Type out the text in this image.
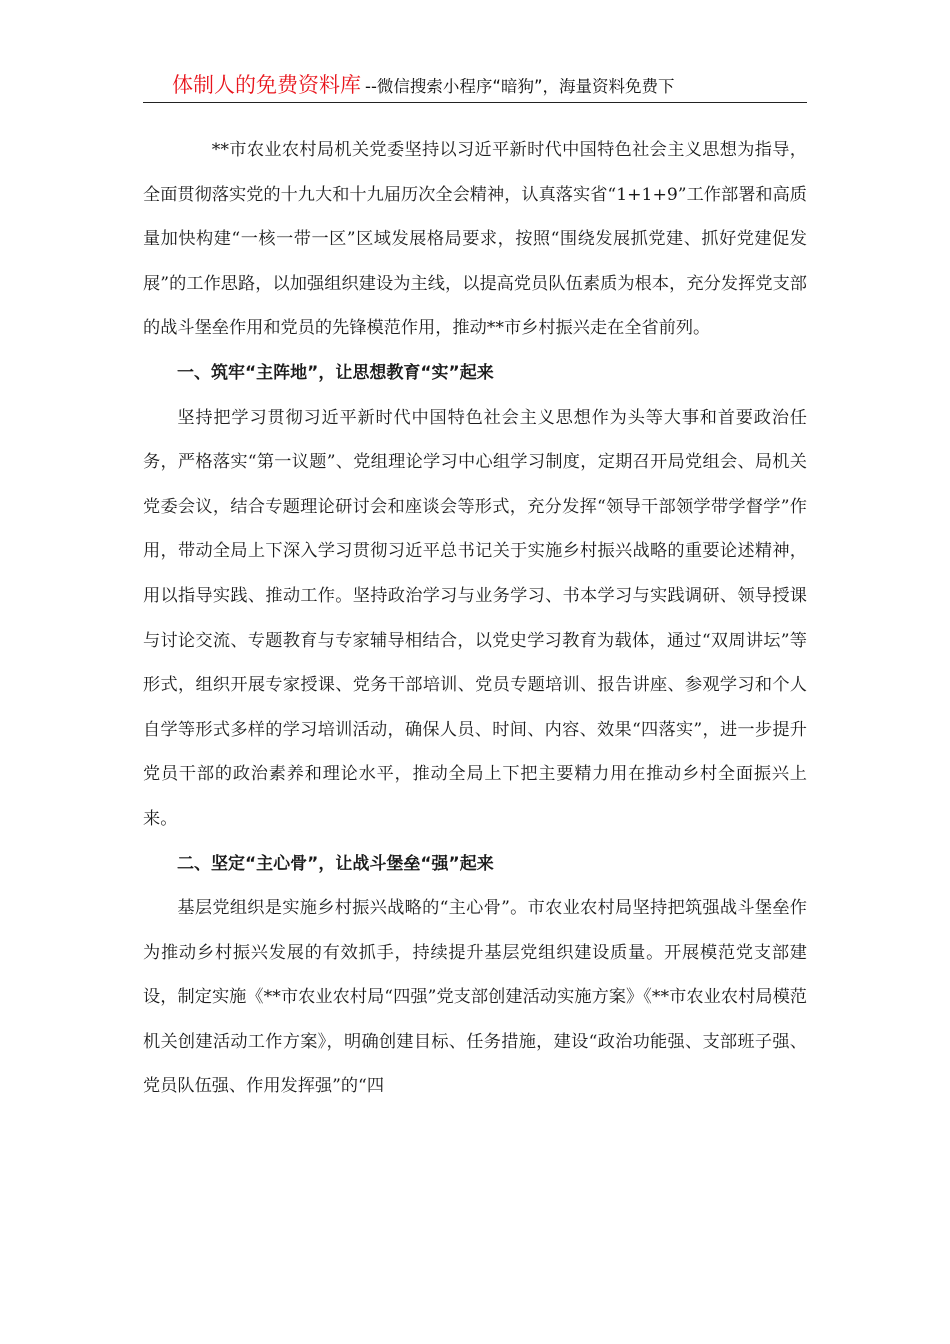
体制人的免费资料库 --微信搜索小程序“暗狗”，海量资料免费下

**市农业农村局机关党委坚持以习近平新时代中国特色社会主义思想为指导，全面贯彻落实党的十九大和十九届历次全会精神，认真落实省“1+1+9”工作部署和高质量加快构建“一核一带一区”区域发展格局要求，按照“围绕发展抓党建、抓好党建促发展”的工作思路，以加强组织建设为主线，以提高党员队伍素质为根本，充分发挥党支部的战斗堡垒作用和党员的先锋模范作用，推动**市乡村振兴走在全省前列。

一、筑牢“主阵地”，让思想教育“实”起来

坚持把学习贯彻习近平新时代中国特色社会主义思想作为头等大事和首要政治任务，严格落实“第一议题”、党组理论学习中心组学习制度，定期召开局党组会、局机关党委会议，结合专题理论研讨会和座谈会等形式，充分发挥“领导干部领学带学督学”作用，带动全局上下深入学习贯彻习近平总书记关于实施乡村振兴战略的重要论述精神，用以指导实践、推动工作。坚持政治学习与业务学习、书本学习与实践调研、领导授课与讨论交流、专题教育与专家辅导相结合，以党史学习教育为载体，通过“双周讲坛”等形式，组织开展专家授课、党务干部培训、党员专题培训、报告讲座、参观学习和个人自学等形式多样的学习培训活动，确保人员、时间、内容、效果“四落实”，进一步提升党员干部的政治素养和理论水平，推动全局上下把主要精力用在推动乡村全面振兴上来。

二、坚定“主心骨”，让战斗堡垒“强”起来

基层党组织是实施乡村振兴战略的“主心骨”。市农业农村局坚持把筑强战斗堡垒作为推动乡村振兴发展的有效抓手，持续提升基层党组织建设质量。开展模范党支部建设，制定实施《**市农业农村局“四强”党支部创建活动实施方案》《**市农业农村局模范机关创建活动工作方案》，明确创建目标、任务措施，建设“政治功能强、支部班子强、党员队伍强、作用发挥强”的“四
